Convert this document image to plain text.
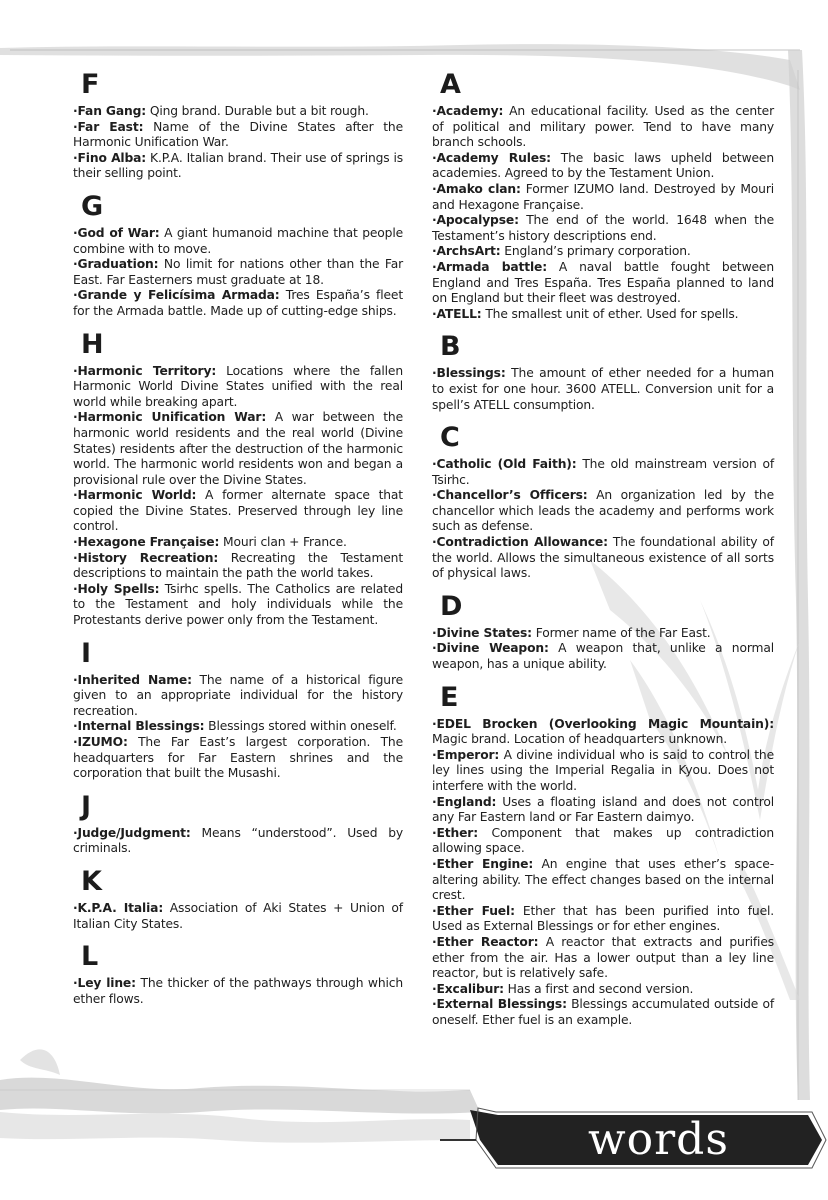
F

·Fan Gang: Qing brand. Durable but a bit rough.

·Far East: Name of the Divine States after the Harmonic Unification War.

·Fino Alba: K.P.A. Italian brand. Their use of springs is their selling point.

G

·God of War: A giant humanoid machine that people combine with to move.

·Graduation: No limit for nations other than the Far East. Far Easterners must graduate at 18.

·Grande y Felicísima Armada: Tres España’s fleet for the Armada battle. Made up of cutting-edge ships.

H

·Harmonic Territory: Locations where the fallen Harmonic World Divine States unified with the real world while breaking apart.

·Harmonic Unification War: A war between the harmonic world residents and the real world (Divine States) residents after the destruction of the harmonic world. The harmonic world residents won and began a provisional rule over the Divine States.

·Harmonic World: A former alternate space that copied the Divine States. Preserved through ley line control.

·Hexagone Française: Mouri clan + France.

·History Recreation: Recreating the Testament descriptions to maintain the path the world takes.

·Holy Spells: Tsirhc spells. The Catholics are related to the Testament and holy individuals while the Protestants derive power only from the Testament.

I

·Inherited Name: The name of a historical figure given to an appropriate individual for the history recreation.

·Internal Blessings: Blessings stored within oneself.

·IZUMO: The Far East’s largest corporation. The headquarters for Far Eastern shrines and the corporation that built the Musashi.

J

·Judge/Judgment: Means “understood”. Used by criminals.

K

·K.P.A. Italia: Association of Aki States + Union of Italian City States.

L

·Ley line: The thicker of the pathways through which ether flows.

A

·Academy: An educational facility. Used as the center of political and military power. Tend to have many branch schools.

·Academy Rules: The basic laws upheld between academies. Agreed to by the Testament Union.

·Amako clan: Former IZUMO land. Destroyed by Mouri and Hexagone Française.

·Apocalypse: The end of the world. 1648 when the Testament’s history descriptions end.

·ArchsArt: England’s primary corporation.

·Armada battle: A naval battle fought between England and Tres España. Tres España planned to land on England but their fleet was destroyed.

·ATELL: The smallest unit of ether. Used for spells.

B

·Blessings: The amount of ether needed for a human to exist for one hour. 3600 ATELL. Conversion unit for a spell’s ATELL consumption.

C

·Catholic (Old Faith): The old mainstream version of Tsirhc.

·Chancellor’s Officers: An organization led by the chancellor which leads the academy and performs work such as defense.

·Contradiction Allowance: The foundational ability of the world. Allows the simultaneous existence of all sorts of physical laws.

D

·Divine States: Former name of the Far East.

·Divine Weapon: A weapon that, unlike a normal weapon, has a unique ability.

E

·EDEL Brocken (Overlooking Magic Mountain): Magic brand. Location of headquarters unknown.

·Emperor: A divine individual who is said to control the ley lines using the Imperial Regalia in Kyou. Does not interfere with the world.

·England: Uses a floating island and does not control any Far Eastern land or Far Eastern daimyo.

·Ether: Component that makes up contradiction allowing space.

·Ether Engine: An engine that uses ether’s space-altering ability. The effect changes based on the internal crest.

·Ether Fuel: Ether that has been purified into fuel. Used as External Blessings or for ether engines.

·Ether Reactor: A reactor that extracts and purifies ether from the air. Has a lower output than a ley line reactor, but is relatively safe.

·Excalibur: Has a first and second version.

·External Blessings: Blessings accumulated outside of oneself. Ether fuel is an example.

words
